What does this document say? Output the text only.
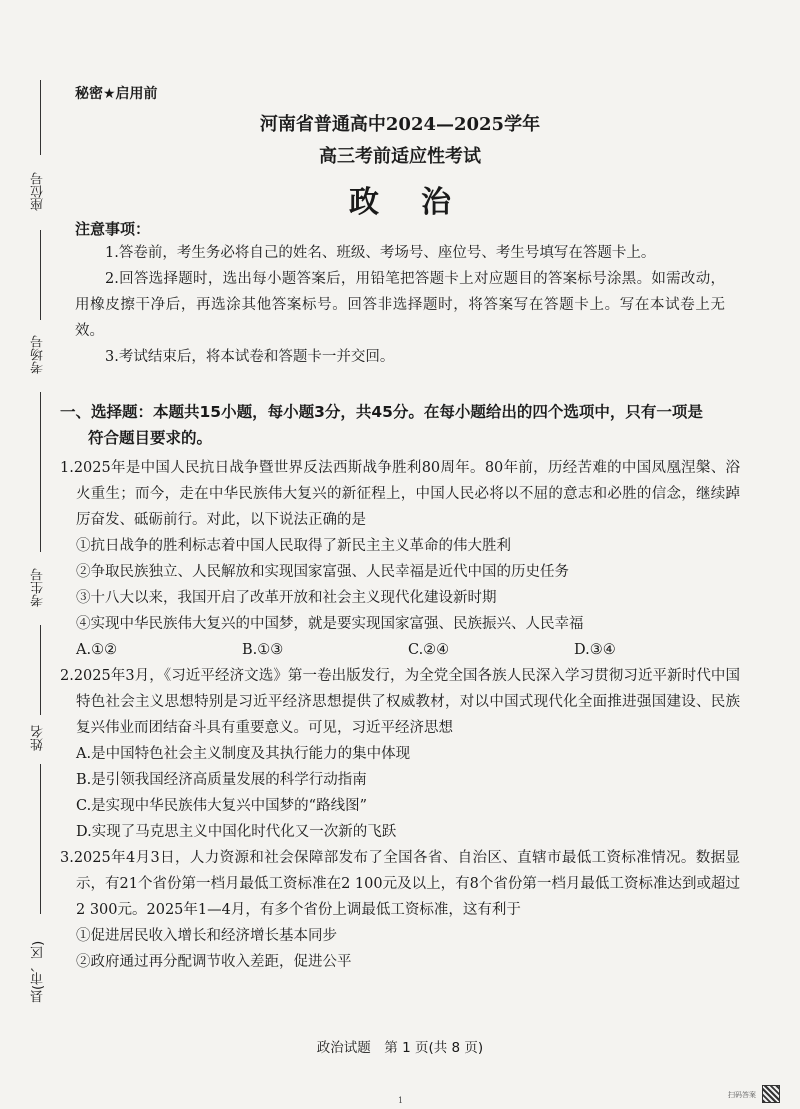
座位号
考场号
考生号
姓名
县(市、区)
秘密★启用前
河南省普通高中2024—2025学年
高三考前适应性考试
政治
注意事项：

1.答卷前，考生务必将自己的姓名、班级、考场号、座位号、考生号填写在答题卡上。

2.回答选择题时，选出每小题答案后，用铅笔把答题卡上对应题目的答案标号涂黑。如需改动，用橡皮擦干净后，再选涂其他答案标号。回答非选择题时，将答案写在答题卡上。写在本试卷上无效。

3.考试结束后，将本试卷和答题卡一并交回。

一、选择题：本题共15小题，每小题3分，共45分。在每小题给出的四个选项中，只有一项是
符合题目要求的。

1.2025年是中国人民抗日战争暨世界反法西斯战争胜利80周年。80年前，历经苦难的中国凤凰涅槃、浴火重生；而今，走在中华民族伟大复兴的新征程上，中国人民必将以不屈的意志和必胜的信念，继续踔厉奋发、砥砺前行。对此，以下说法正确的是

①抗日战争的胜利标志着中国人民取得了新民主主义革命的伟大胜利

②争取民族独立、人民解放和实现国家富强、人民幸福是近代中国的历史任务

③十八大以来，我国开启了改革开放和社会主义现代化建设新时期

④实现中华民族伟大复兴的中国梦，就是要实现国家富强、民族振兴、人民幸福

A.①②	B.①③	C.②④	D.③④

2.2025年3月，《习近平经济文选》第一卷出版发行，为全党全国各族人民深入学习贯彻习近平新时代中国特色社会主义思想特别是习近平经济思想提供了权威教材，对以中国式现代化全面推进强国建设、民族复兴伟业而团结奋斗具有重要意义。可见，习近平经济思想

A.是中国特色社会主义制度及其执行能力的集中体现

B.是引领我国经济高质量发展的科学行动指南

C.是实现中华民族伟大复兴中国梦的“路线图”

D.实现了马克思主义中国化时代化又一次新的飞跃

3.2025年4月3日，人力资源和社会保障部发布了全国各省、自治区、直辖市最低工资标准情况。数据显示，有21个省份第一档月最低工资标准在2 100元及以上，有8个省份第一档月最低工资标准达到或超过2 300元。2025年1—4月，有多个省份上调最低工资标准，这有利于

①促进居民收入增长和经济增长基本同步

②政府通过再分配调节收入差距，促进公平

政治试题　第 1 页(共 8 页)
1
扫码答案
